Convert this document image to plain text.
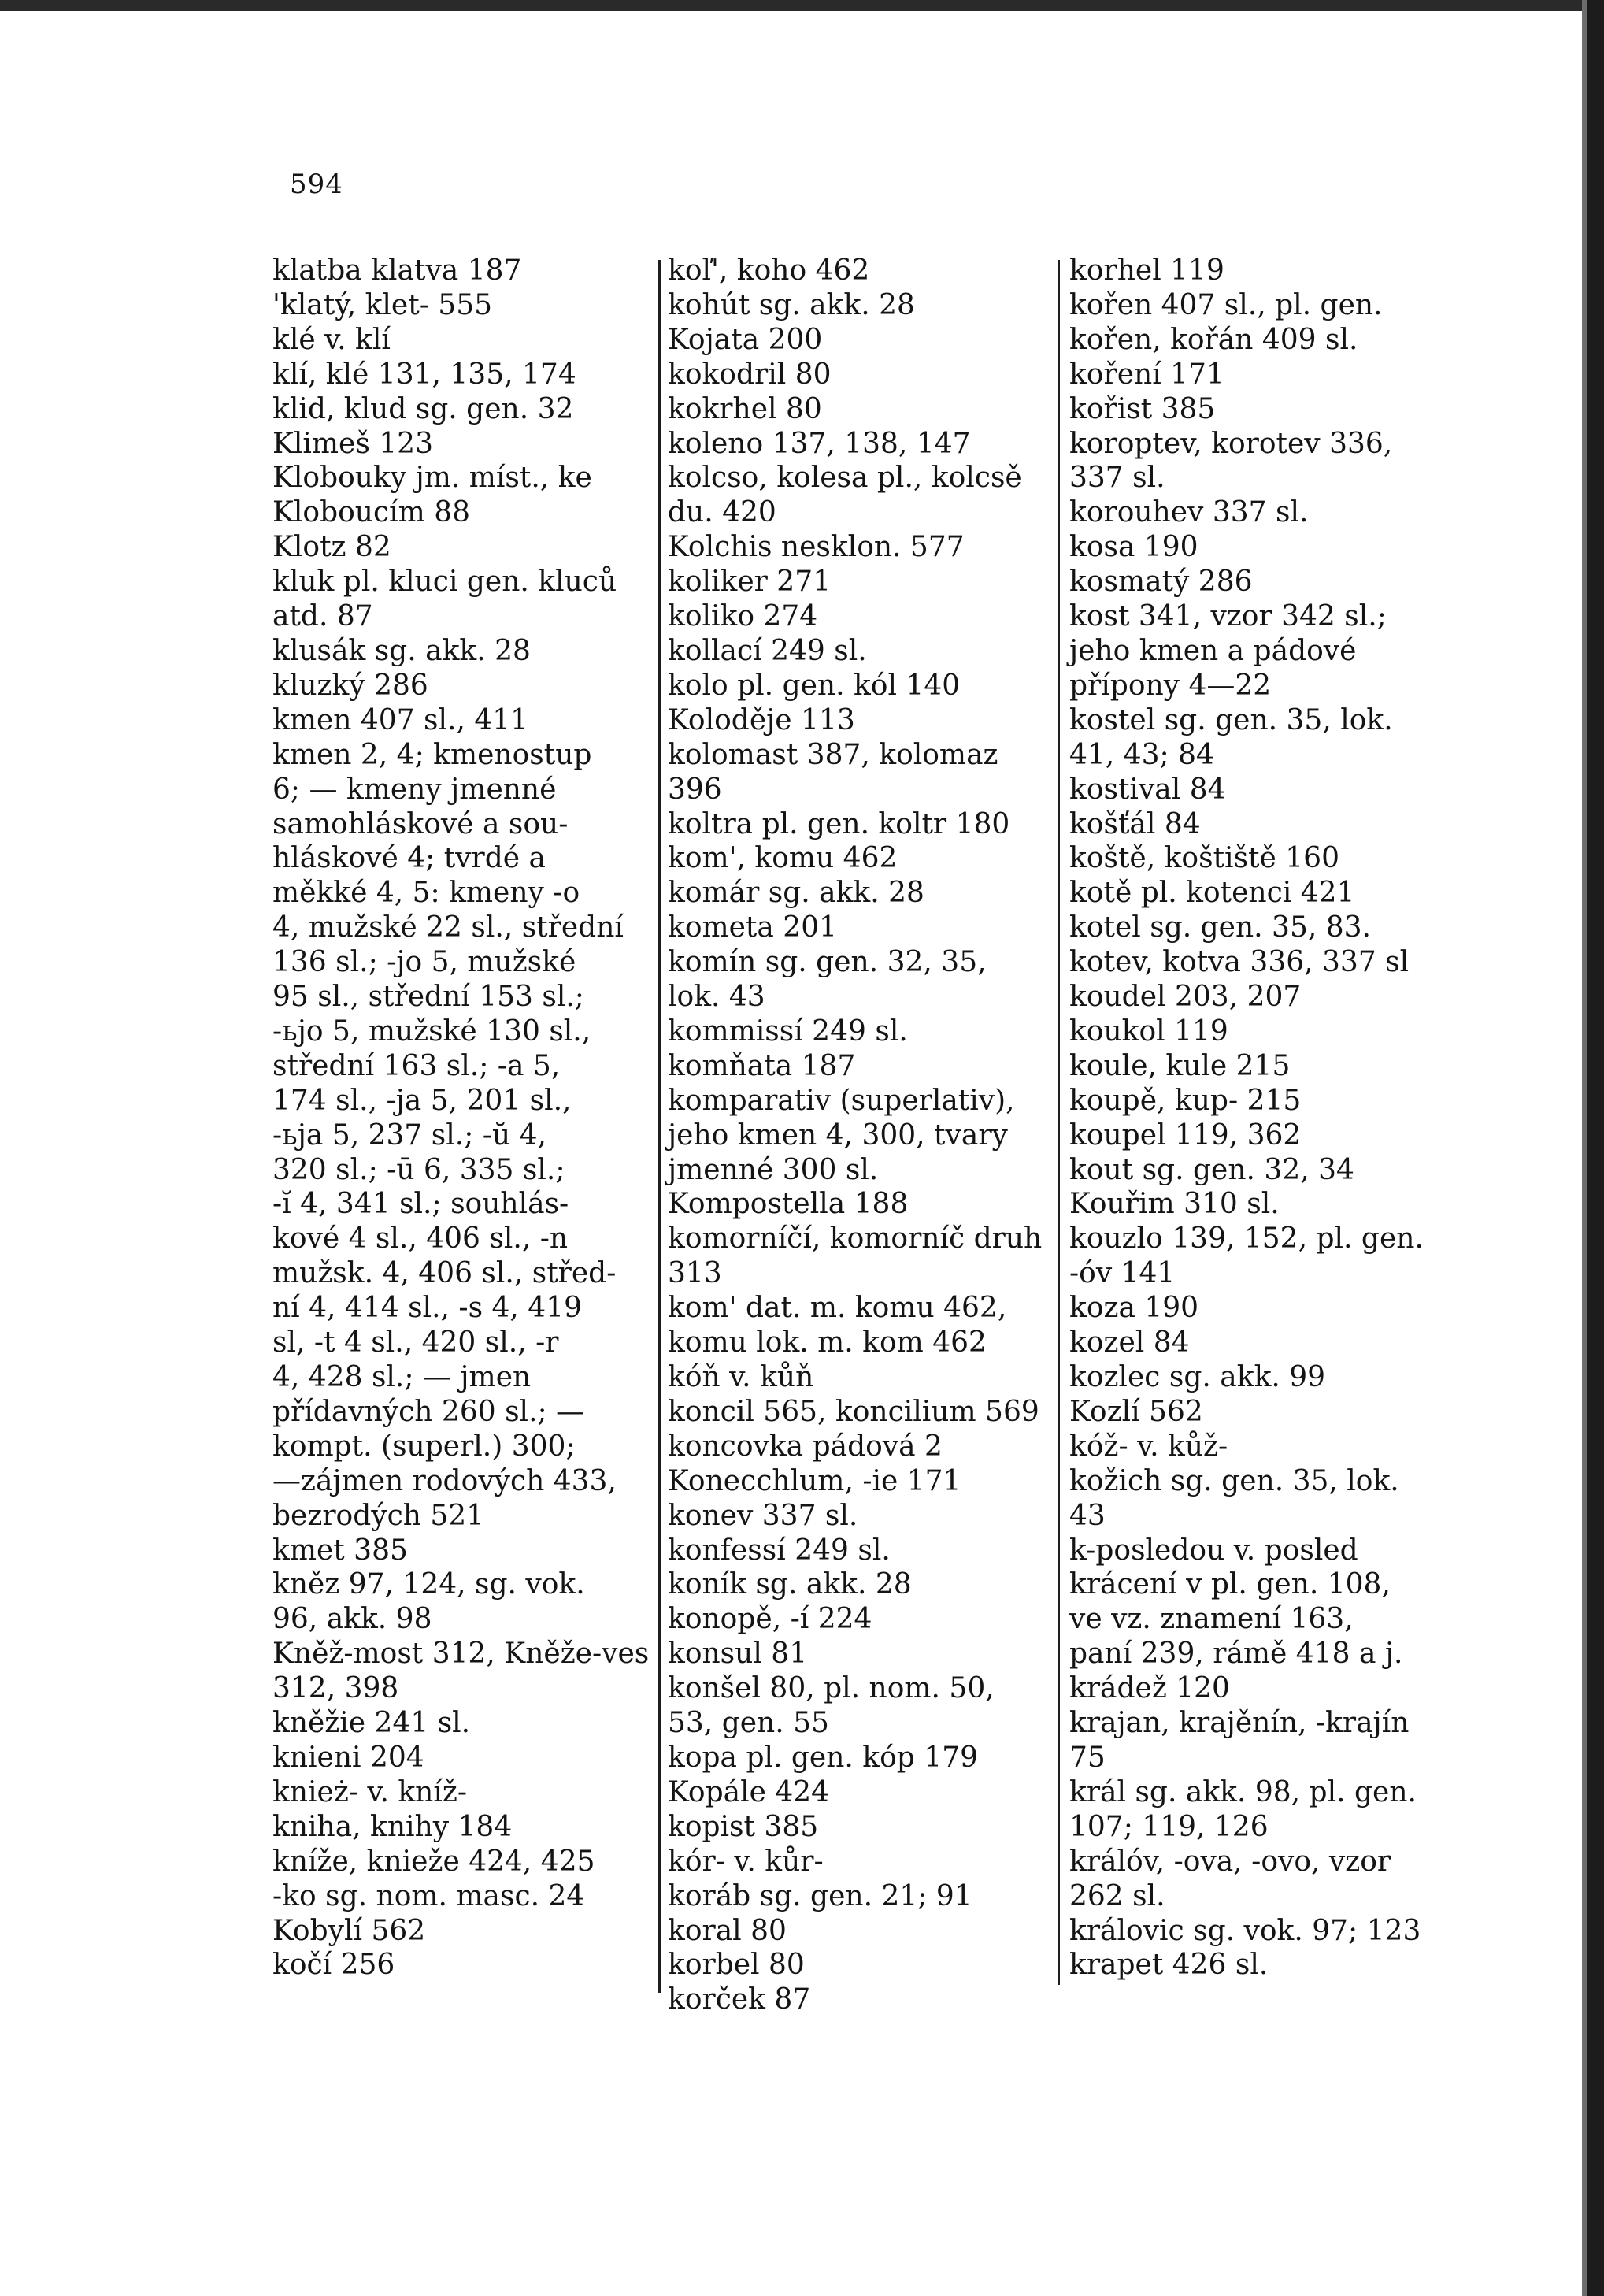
594
klatba klatva 187
'klatý, klet- 555
klé v. klí
klí, klé 131, 135, 174
klid, klud sg. gen. 32
Klimeš 123
Klobouky jm. míst., ke
Kloboucím 88
Klotz 82
kluk pl. kluci gen. kluců
atd. 87
klusák sg. akk. 28
kluzký 286
kmen 407 sl., 411
kmen 2, 4; kmenostup
6; — kmeny jmenné
samohláskové a sou-
hláskové 4; tvrdé a
měkké 4, 5: kmeny -o
4, mužské 22 sl., střední
136 sl.; -jo 5, mužské
95 sl., střední 153 sl.;
-ьjo 5, mužské 130 sl.,
střední 163 sl.; -a 5,
174 sl., -ja 5, 201 sl.,
-ьja 5, 237 sl.; -ŭ 4,
320 sl.; -ū 6, 335 sl.;
-ĭ 4, 341 sl.; souhlás-
kové 4 sl., 406 sl., -n
mužsk. 4, 406 sl., střed-
ní 4, 414 sl., -s 4, 419
sl, -t 4 sl., 420 sl., -r
4, 428 sl.; — jmen
přídavných 260 sl.; —
kompt. (superl.) 300;
—zájmen rodových 433,
bezrodých 521
kmet 385
kněz 97, 124, sg. vok.
96, akk. 98
Kněž-most 312, Kněže-ves
312, 398
kněžie 241 sl.
knieni 204
knież- v. kníž-
kniha, knihy 184
kníže, knieže 424, 425
-ko sg. nom. masc. 24
Kobylí 562
kočí 256
koľ', koho 462
kohút sg. akk. 28
Kojata 200
kokodril 80
kokrhel 80
koleno 137, 138, 147
kolcso, kolesa pl., kolcsě
du. 420
Kolchis nesklon. 577
koliker 271
koliko 274
kollací 249 sl.
kolo pl. gen. kól 140
Koloděje 113
kolomast 387, kolomaz 396
koltra pl. gen. koltr 180
kom', komu 462
komár sg. akk. 28
kometa 201
komín sg. gen. 32, 35,
lok. 43
kommissí 249 sl.
komňata 187
komparativ (superlativ),
jeho kmen 4, 300, tvary
jmenné 300 sl.
Kompostella 188
komorníčí, komorníč druh
313
kom' dat. m. komu 462,
komu lok. m. kom 462
kóň v. kůň
koncil 565, koncilium 569
koncovka pádová 2
Konecchlum, -ie 171
konev 337 sl.
konfessí 249 sl.
koník sg. akk. 28
konopě, -í 224
konsul 81
konšel 80, pl. nom. 50,
53, gen. 55
kopa pl. gen. kóp 179
Kopále 424
kopist 385
kór- v. kůr-
koráb sg. gen. 21; 91
koral 80
korbel 80
korček 87
korhel 119
kořen 407 sl., pl. gen.
kořen, kořán 409 sl.
koření 171
kořist 385
koroptev, korotev 336,
337 sl.
korouhev 337 sl.
kosa 190
kosmatý 286
kost 341, vzor 342 sl.;
jeho kmen a pádové
přípony 4—22
kostel sg. gen. 35, lok.
41, 43; 84
kostival 84
košťál 84
koště, koštiště 160
kotě pl. kotenci 421
kotel sg. gen. 35, 83.
kotev, kotva 336, 337 sl
koudel 203, 207
koukol 119
koule, kule 215
koupě, kup- 215
koupel 119, 362
kout sg. gen. 32, 34
Kouřim 310 sl.
kouzlo 139, 152, pl. gen.
-óv 141
koza 190
kozel 84
kozlec sg. akk. 99
Kozlí 562
kóž- v. kůž-
kožich sg. gen. 35, lok.
43
k-posledou v. posled
krácení v pl. gen. 108,
ve vz. znamení 163,
paní 239, rámě 418 a j.
krádež 120
krajan, krajěnín, -krajín
75
král sg. akk. 98, pl. gen.
107; 119, 126
králóv, -ova, -ovo, vzor
262 sl.
královic sg. vok. 97; 123
krapet 426 sl.
